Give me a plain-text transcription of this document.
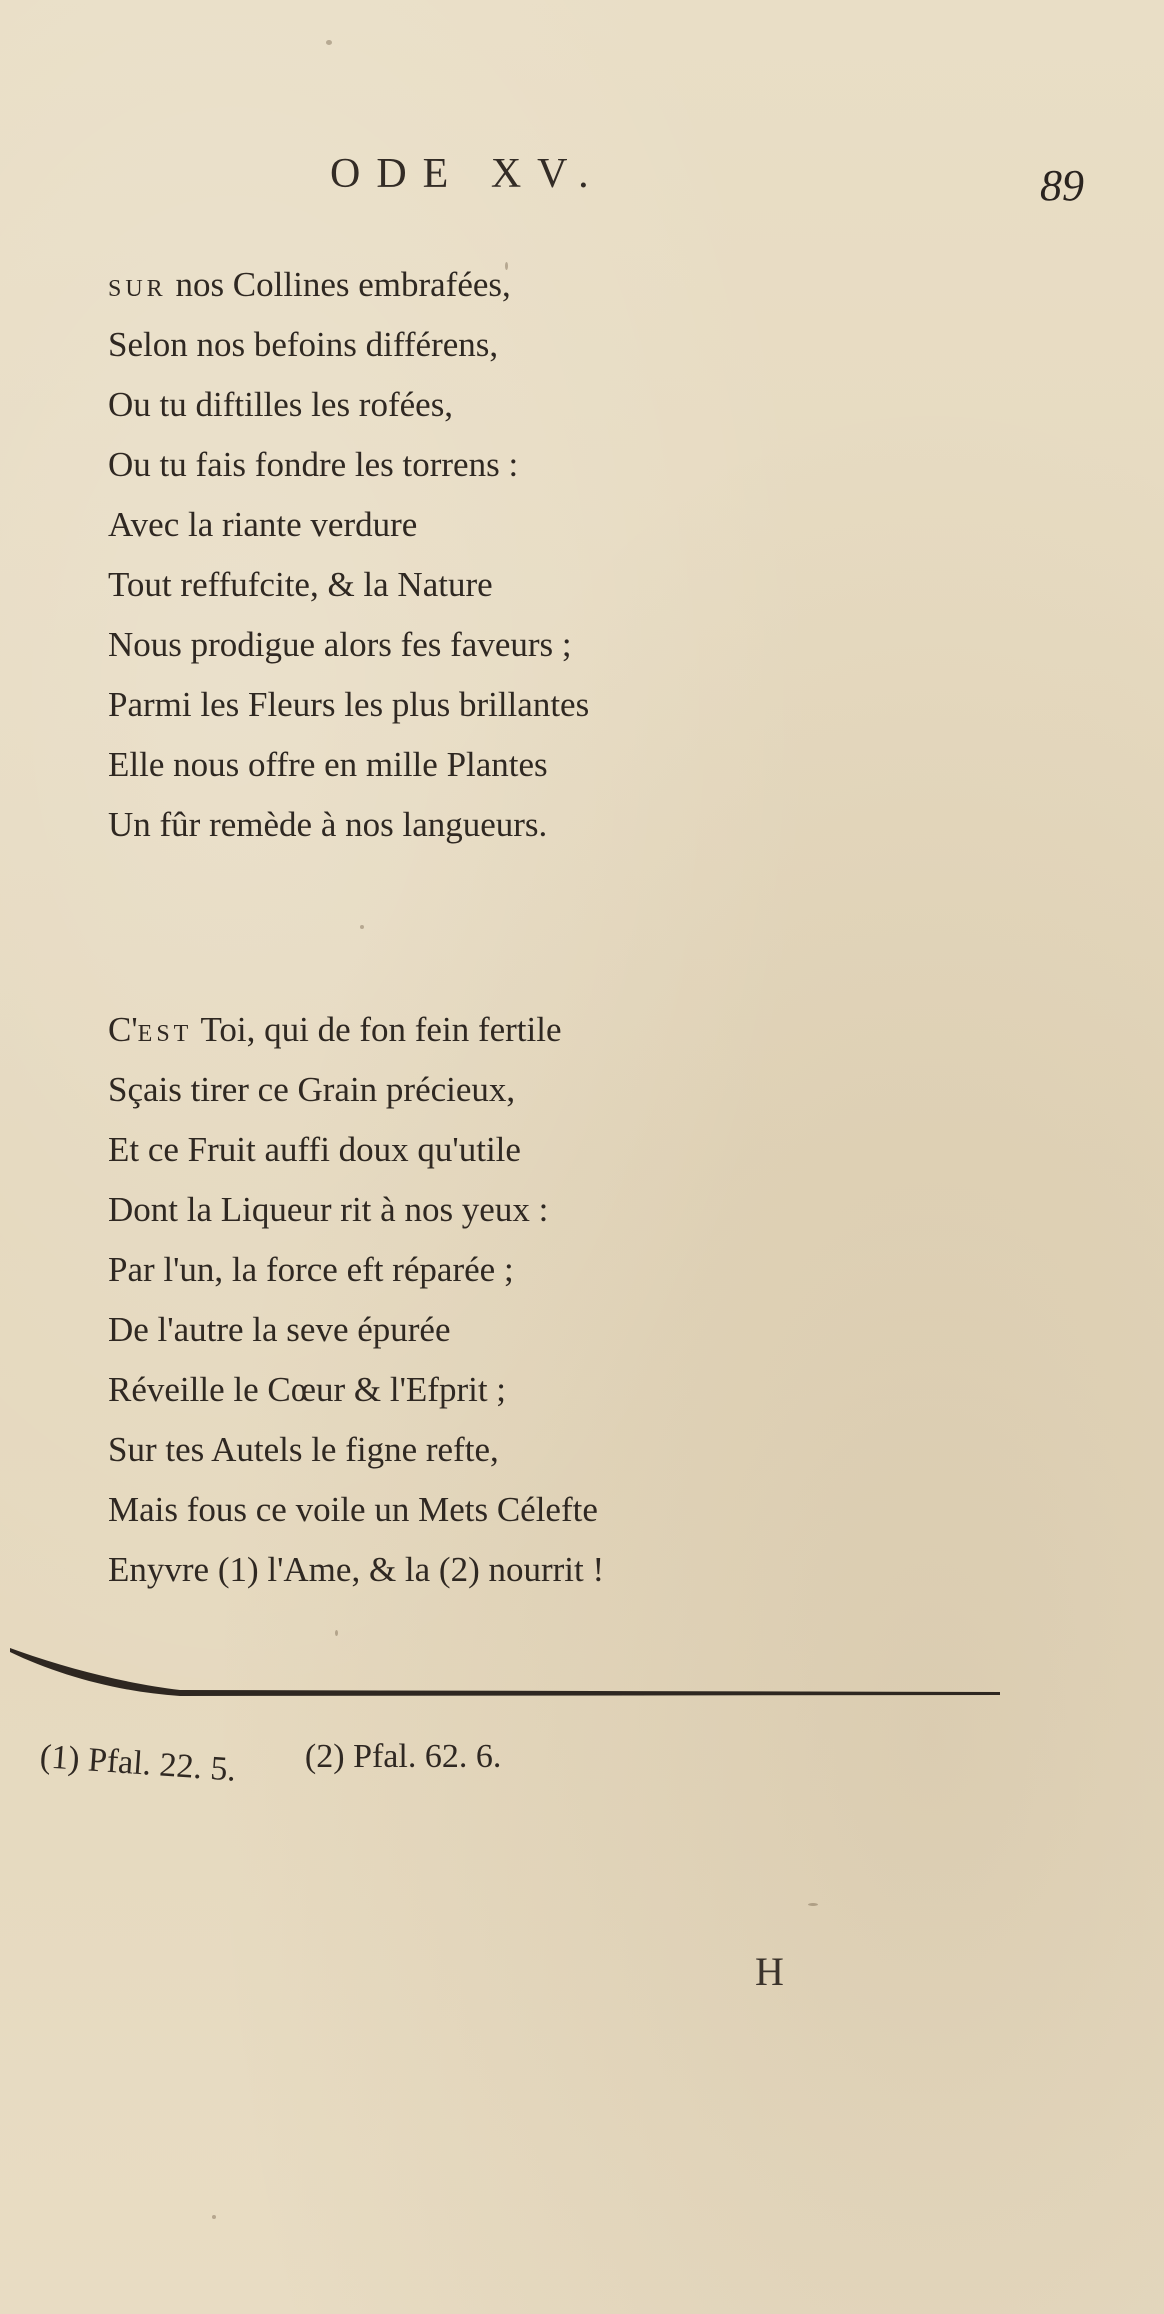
ODE XV.	89
SUR nos Collines embrafées,
Selon nos befoins différens,
Ou tu diftilles les rofées,
Ou tu fais fondre les torrens :
Avec la riante verdure
Tout reffufcite, & la Nature
Nous prodigue alors fes faveurs ;
Parmi les Fleurs les plus brillantes
Elle nous offre en mille Plantes
Un fûr remède à nos langueurs.
C'EST Toi, qui de fon fein fertile
Sçais tirer ce Grain précieux,
Et ce Fruit auffi doux qu'utile
Dont la Liqueur rit à nos yeux :
Par l'un, la force eft réparée ;
De l'autre la seve épurée
Réveille le Cœur & l'Efprit ;
Sur tes Autels le figne refte,
Mais fous ce voile un Mets Célefte
Enyvre (1) l'Ame, & la (2) nourrit !
(1) Pfal. 22. 5. (2) Pfal. 62. 6.
H
